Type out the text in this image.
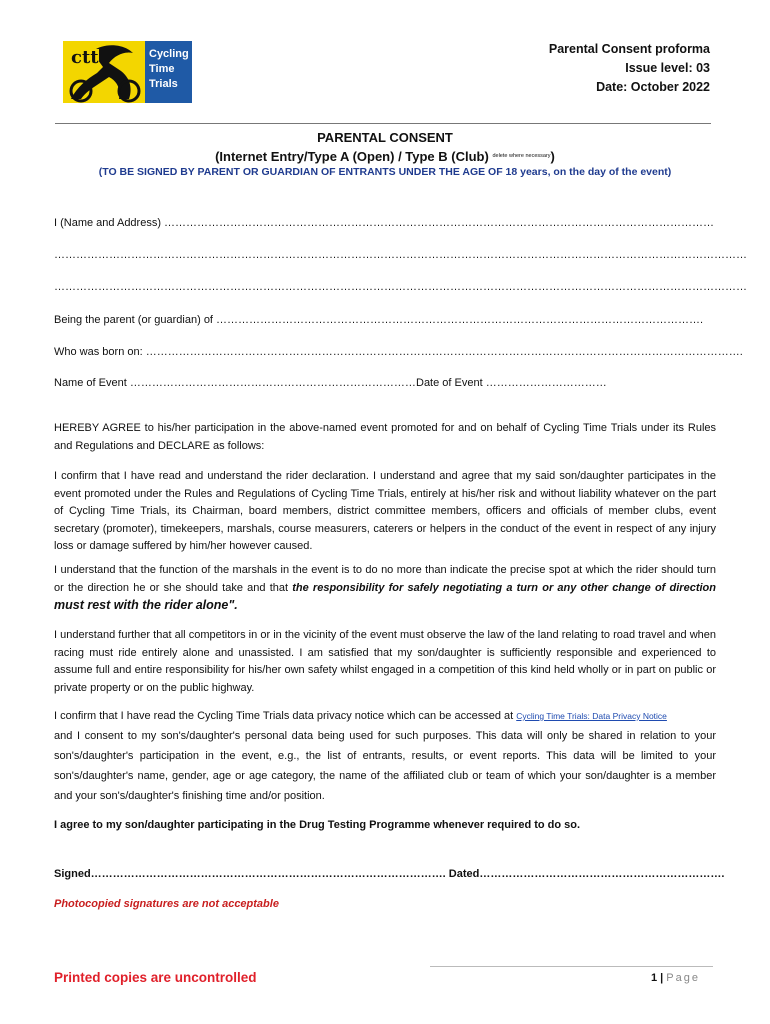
ctt	Cycling
Time
Trials
Parental Consent proforma
Issue level: 03
Date: October 2022
PARENTAL CONSENT
(Internet Entry/Type A (Open) / Type B (Club) $^{delete where necessary}$)
(TO BE SIGNED BY PARENT OR GUARDIAN OF ENTRANTS UNDER THE AGE OF 18 years, on the day of the event)
I (Name and Address) ……………………………………………………………………………………………………………………………………
………………………………………………………………………………………………………………………………………………………………………
………………………………………………………………………………………………………………………………………………………………………
Being the parent (or guardian) of …………………………………………………………………………………………………………………….
Who was born on: ……………………………………………………………………………………………………………………………………………….
Name of Event …………………………………………………………………… Date of Event ……………………………
HEREBY AGREE to his/her participation in the above-named event promoted for and on behalf of Cycling Time Trials under its Rules and Regulations and DECLARE as follows:
I confirm that I have read and understand the rider declaration. I understand and agree that my said son/daughter participates in the event promoted under the Rules and Regulations of Cycling Time Trials, entirely at his/her risk and without liability whatever on the part of Cycling Time Trials, its Chairman, board members, district committee members, officers and officials of member clubs, event secretary (promoter), timekeepers, marshals, course measurers, caterers or helpers in the conduct of the event in respect of any injury loss or damage suffered by him/her however caused.
I understand that the function of the marshals in the event is to do no more than indicate the precise spot at which the rider should turn or the direction he or she should take and that the responsibility for safely negotiating a turn or any other change of direction must rest with the rider alone".
I understand further that all competitors in or in the vicinity of the event must observe the law of the land relating to road travel and when racing must ride entirely alone and unassisted. I am satisfied that my son/daughter is sufficiently responsible and experienced to assume full and entire responsibility for his/her own safety whilst engaged in a competition of this kind held wholly or in part on public or private property or on the public highway.
I confirm that I have read the Cycling Time Trials data privacy notice which can be accessed at Cycling Time Trials: Data Privacy Notice
and I consent to my son's/daughter's personal data being used for such purposes. This data will only be shared in relation to your son's/daughter's participation in the event, e.g., the list of entrants, results, or event reports. This data will be limited to your son's/daughter's name, gender, age or age category, the name of the affiliated club or team of which your son/daughter is a member and your son's/daughter's finishing time and/or position.
I agree to my son/daughter participating in the Drug Testing Programme whenever required to do so.
Signed……………………………………………………………………………………. Dated………………………………………………………….
Photocopied signatures are not acceptable
Printed copies are uncontrolled	1 | Page
